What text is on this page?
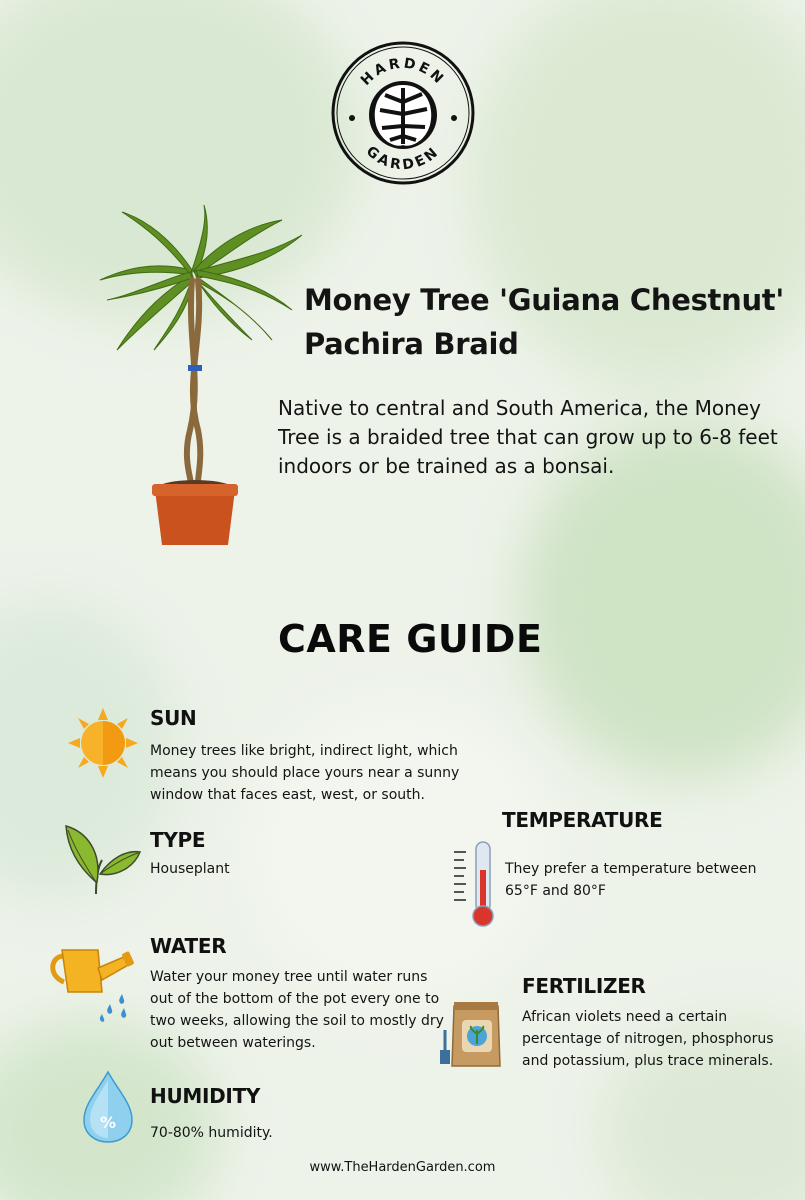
HARDEN
GARDEN
Money Tree 'Guiana Chestnut'
Pachira Braid
Native to central and South America, the Money Tree is a braided tree that can grow up to 6-8 feet indoors or be trained as a bonsai.
CARE GUIDE
SUN
Money trees like bright, indirect light, which means you should place yours near a sunny window that faces east, west, or south.
TYPE
Houseplant
TEMPERATURE
They prefer a temperature between 65°F and 80°F
WATER
Water your money tree until water runs out of the bottom of the pot every one to two weeks, allowing the soil to mostly dry out between waterings.
FERTILIZER
African violets need a certain percentage of nitrogen, phosphorus and potassium, plus trace minerals.
%
HUMIDITY
70-80% humidity.
www.TheHardenGarden.com
